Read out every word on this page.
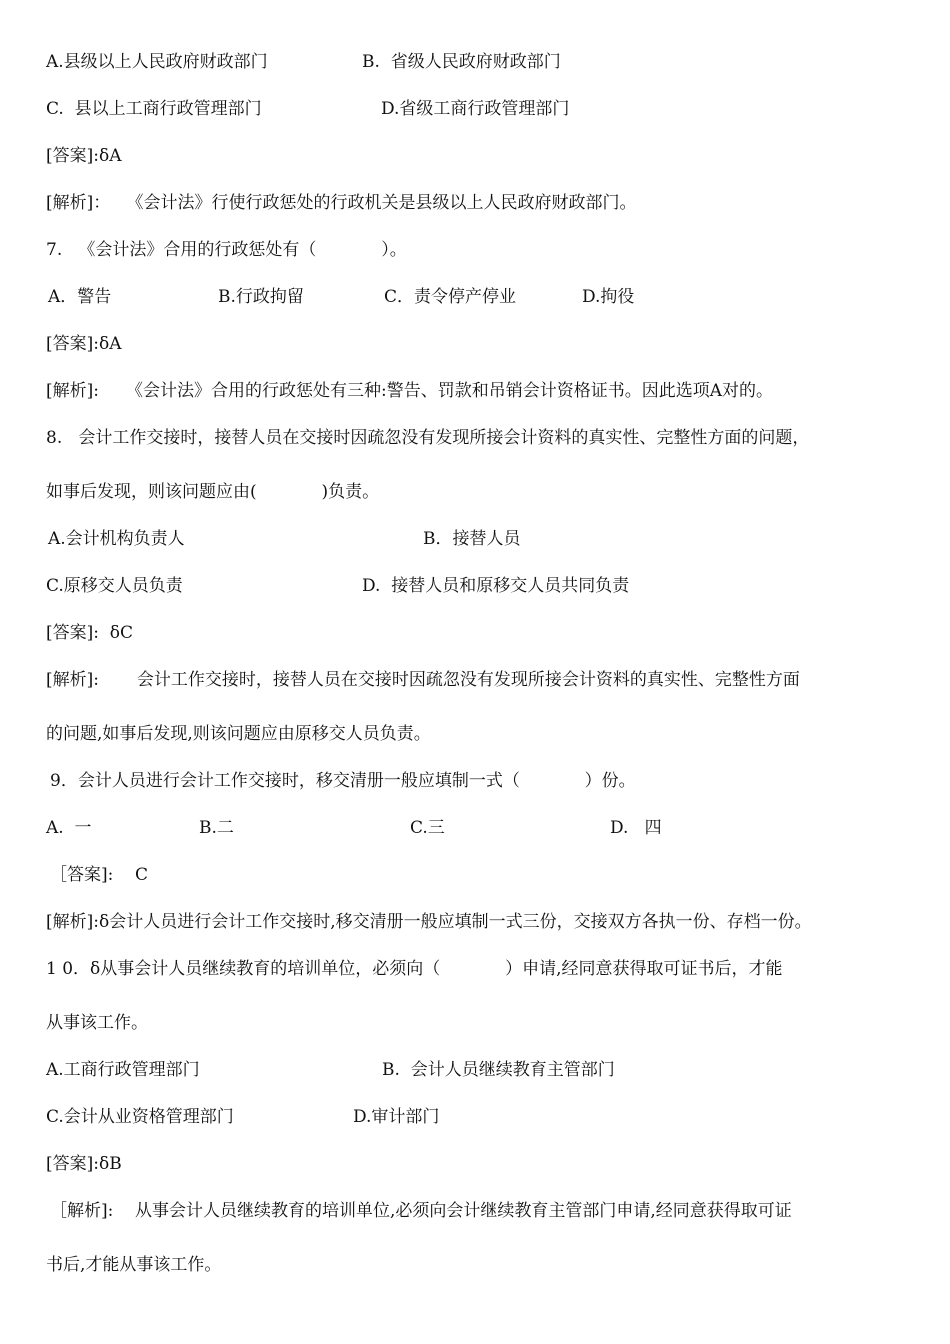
A.县级以上人民政府财政部门	B.  省级人民政府财政部门
C.  县以上工商行政管理部门	D.省级工商行政管理部门
[答案]:δA
[解析]：   《会计法》行使行政惩处的行政机关是县级以上人民政府财政部门。
7.   《会计法》合用的行政惩处有（            ）。
A．警告	B.行政拘留	C．责令停产停业	D.拘役
[答案]:δA
[解析]:     《会计法》合用的行政惩处有三种:警告、罚款和吊销会计资格证书。因此选项A对的。
8.   会计工作交接时，接替人员在交接时因疏忽没有发现所接会计资料的真实性、完整性方面的问题，
如事后发现，则该问题应由(            )负责。
A.会计机构负责人	B．接替人员
C.原移交人员负责	D.  接替人员和原移交人员共同负责
[答案]:  δC
[解析]:       会计工作交接时，接替人员在交接时因疏忽没有发现所接会计资料的真实性、完整性方面
的问题,如事后发现,则该问题应由原移交人员负责。
9．会计人员进行会计工作交接时，移交清册一般应填制一式（            ）份。
A.  一	B.二	C.三	D.   四
［答案]:    C
[解析]:δ会计人员进行会计工作交接时,移交清册一般应填制一式三份，交接双方各执一份、存档一份。
1 0．δ从事会计人员继续教育的培训单位，必须向（            ）申请,经同意获得取可证书后，才能
从事该工作。
A.工商行政管理部门	B.  会计人员继续教育主管部门
C.会计从业资格管理部门	D.审计部门
[答案]:δB
［解析]:    从事会计人员继续教育的培训单位,必须向会计继续教育主管部门申请,经同意获得取可证
书后,才能从事该工作。
